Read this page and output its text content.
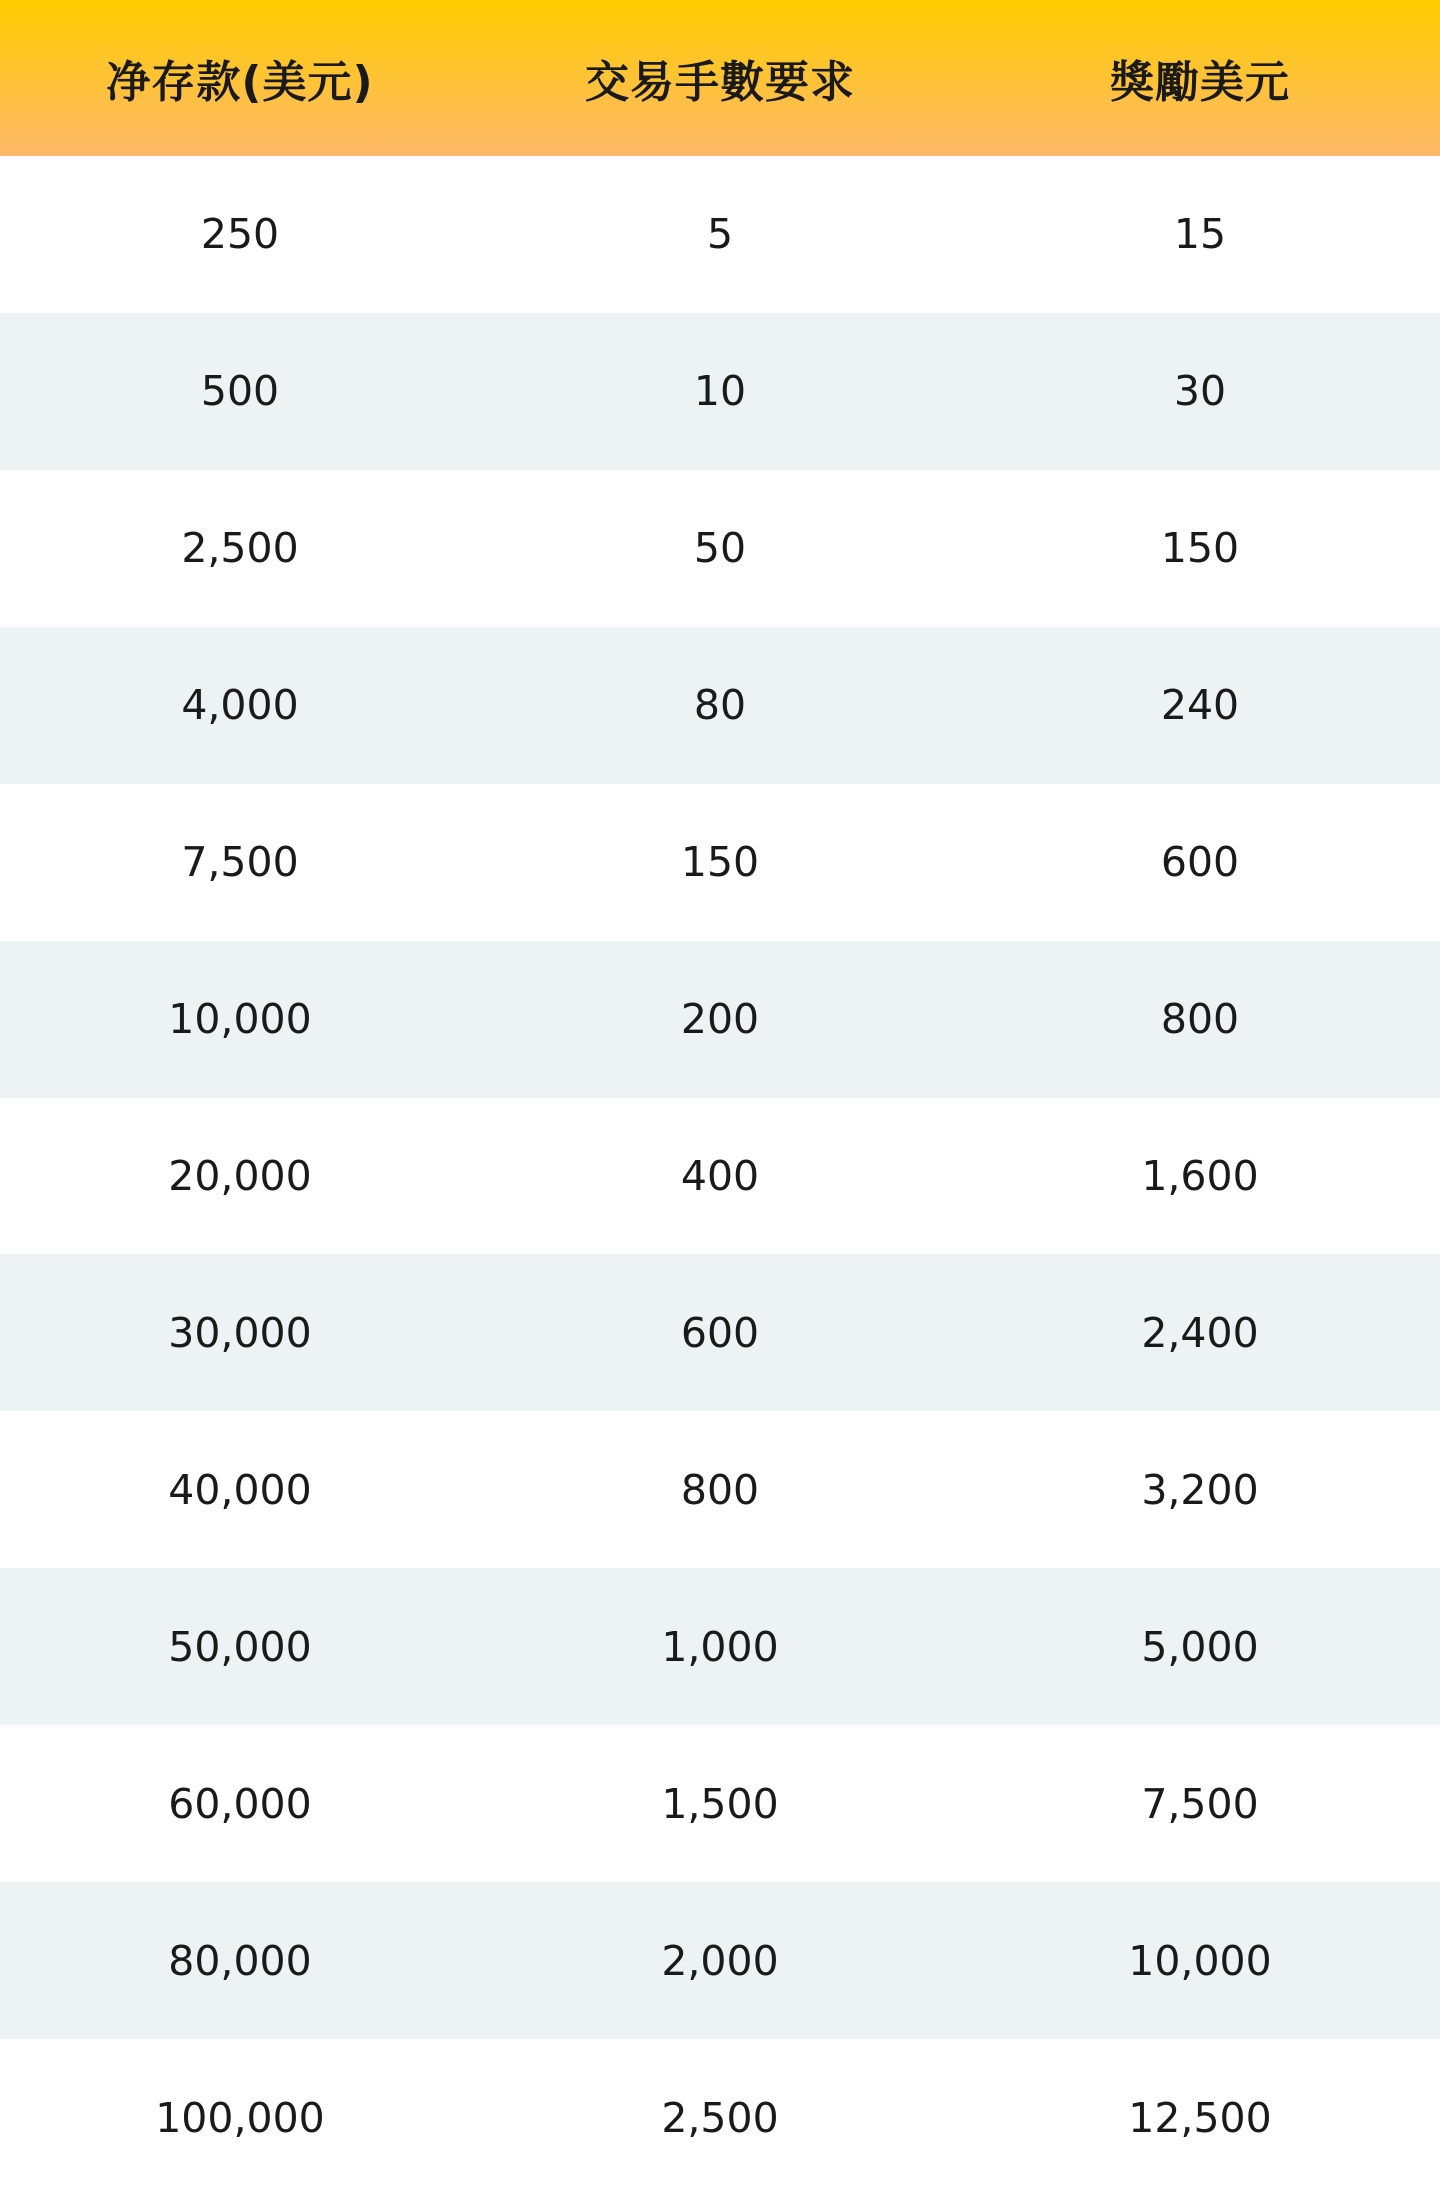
净存款(美元)	交易手數要求	獎勵美元
250	5	15
500	10	30
2,500	50	150
4,000	80	240
7,500	150	600
10,000	200	800
20,000	400	1,600
30,000	600	2,400
40,000	800	3,200
50,000	1,000	5,000
60,000	1,500	7,500
80,000	2,000	10,000
100,000	2,500	12,500
